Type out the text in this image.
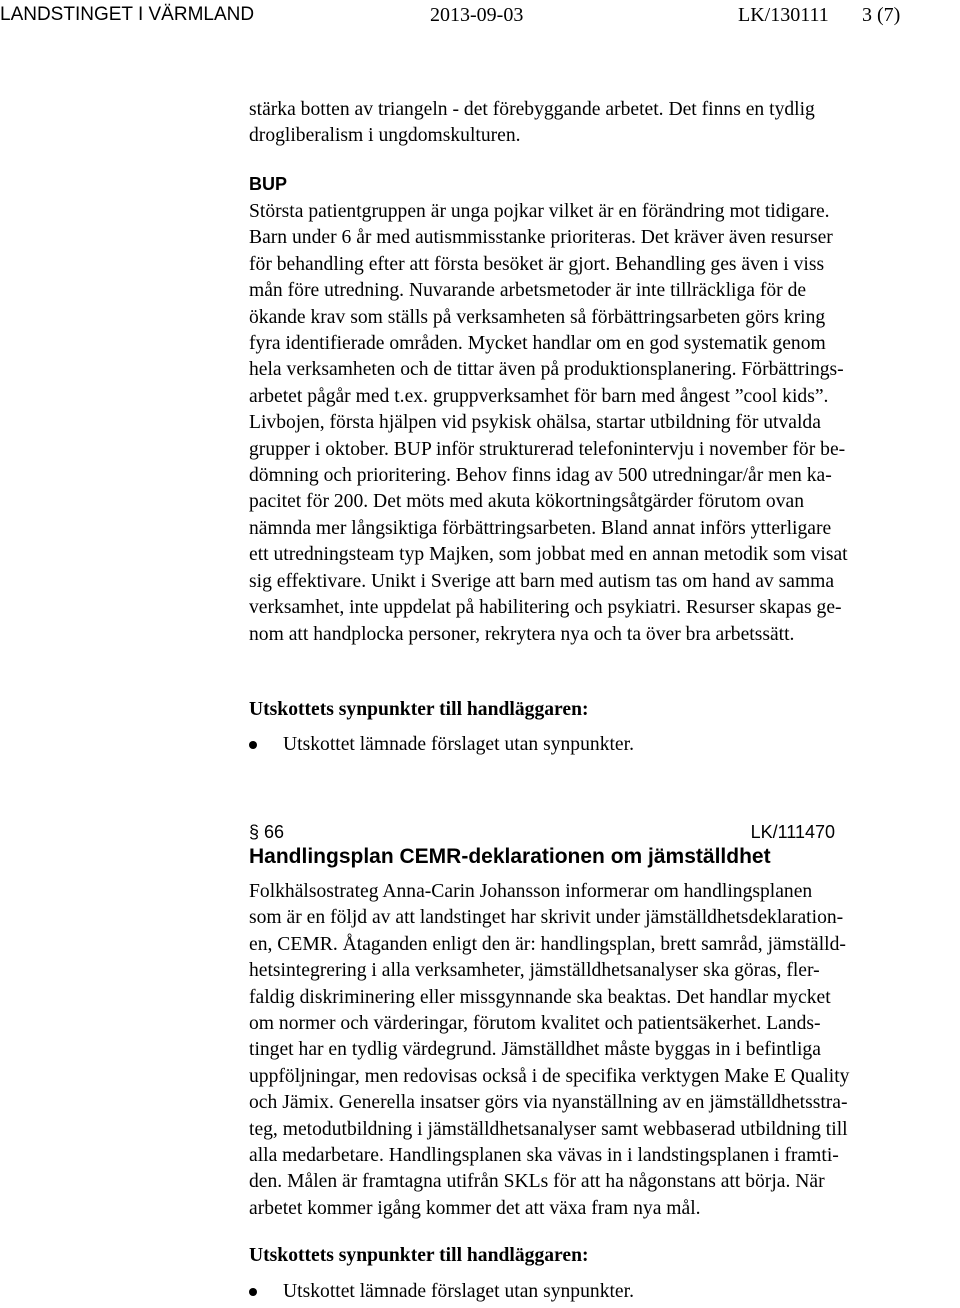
LANDSTINGET I VÄRMLAND	2013-09-03	LK/130111 3 (7)

stärka botten av triangeln - det förebyggande arbetet. Det finns en tydlig
drogliberalism i ungdomskulturen.

BUP

Största patientgruppen är unga pojkar vilket är en förändring mot tidigare.
Barn under 6 år med autismmisstanke prioriteras. Det kräver även resurser
för behandling efter att första besöket är gjort. Behandling ges även i viss
mån före utredning. Nuvarande arbetsmetoder är inte tillräckliga för de
ökande krav som ställs på verksamheten så förbättringsarbeten görs kring
fyra identifierade områden. Mycket handlar om en god systematik genom
hela verksamheten och de tittar även på produktionsplanering. Förbättrings-
arbetet pågår med t.ex. gruppverksamhet för barn med ångest ”cool kids”.
Livbojen, första hjälpen vid psykisk ohälsa, startar utbildning för utvalda
grupper i oktober. BUP inför strukturerad telefonintervju i november för be-
dömning och prioritering. Behov finns idag av 500 utredningar/år men ka-
pacitet för 200. Det möts med akuta kökortningsåtgärder förutom ovan
nämnda mer långsiktiga förbättringsarbeten. Bland annat införs ytterligare
ett utredningsteam typ Majken, som jobbat med en annan metodik som visat
sig effektivare. Unikt i Sverige att barn med autism tas om hand av samma
verksamhet, inte uppdelat på habilitering och psykiatri. Resurser skapas ge-
nom att handplocka personer, rekrytera nya och ta över bra arbetssätt.

Utskottets synpunkter till handläggaren:

Utskottet lämnade förslaget utan synpunkter.
§ 66	LK/111470

Handlingsplan CEMR-deklarationen om jämställdhet

Folkhälsostrateg Anna-Carin Johansson informerar om handlingsplanen
som är en följd av att landstinget har skrivit under jämställdhetsdeklaration-
en, CEMR. Åtaganden enligt den är: handlingsplan, brett samråd, jämställd-
hetsintegrering i alla verksamheter, jämställdhetsanalyser ska göras, fler-
faldig diskriminering eller missgynnande ska beaktas. Det handlar mycket
om normer och värderingar, förutom kvalitet och patientsäkerhet. Lands-
tinget har en tydlig värdegrund. Jämställdhet måste byggas in i befintliga
uppföljningar, men redovisas också i de specifika verktygen Make E Quality
och Jämix. Generella insatser görs via nyanställning av en jämställdhetsstra-
teg, metodutbildning i jämställdhetsanalyser samt webbaserad utbildning till
alla medarbetare. Handlingsplanen ska vävas in i landstingsplanen i framti-
den. Målen är framtagna utifrån SKLs för att ha någonstans att börja. När
arbetet kommer igång kommer det att växa fram nya mål.

Utskottets synpunkter till handläggaren:

Utskottet lämnade förslaget utan synpunkter.
